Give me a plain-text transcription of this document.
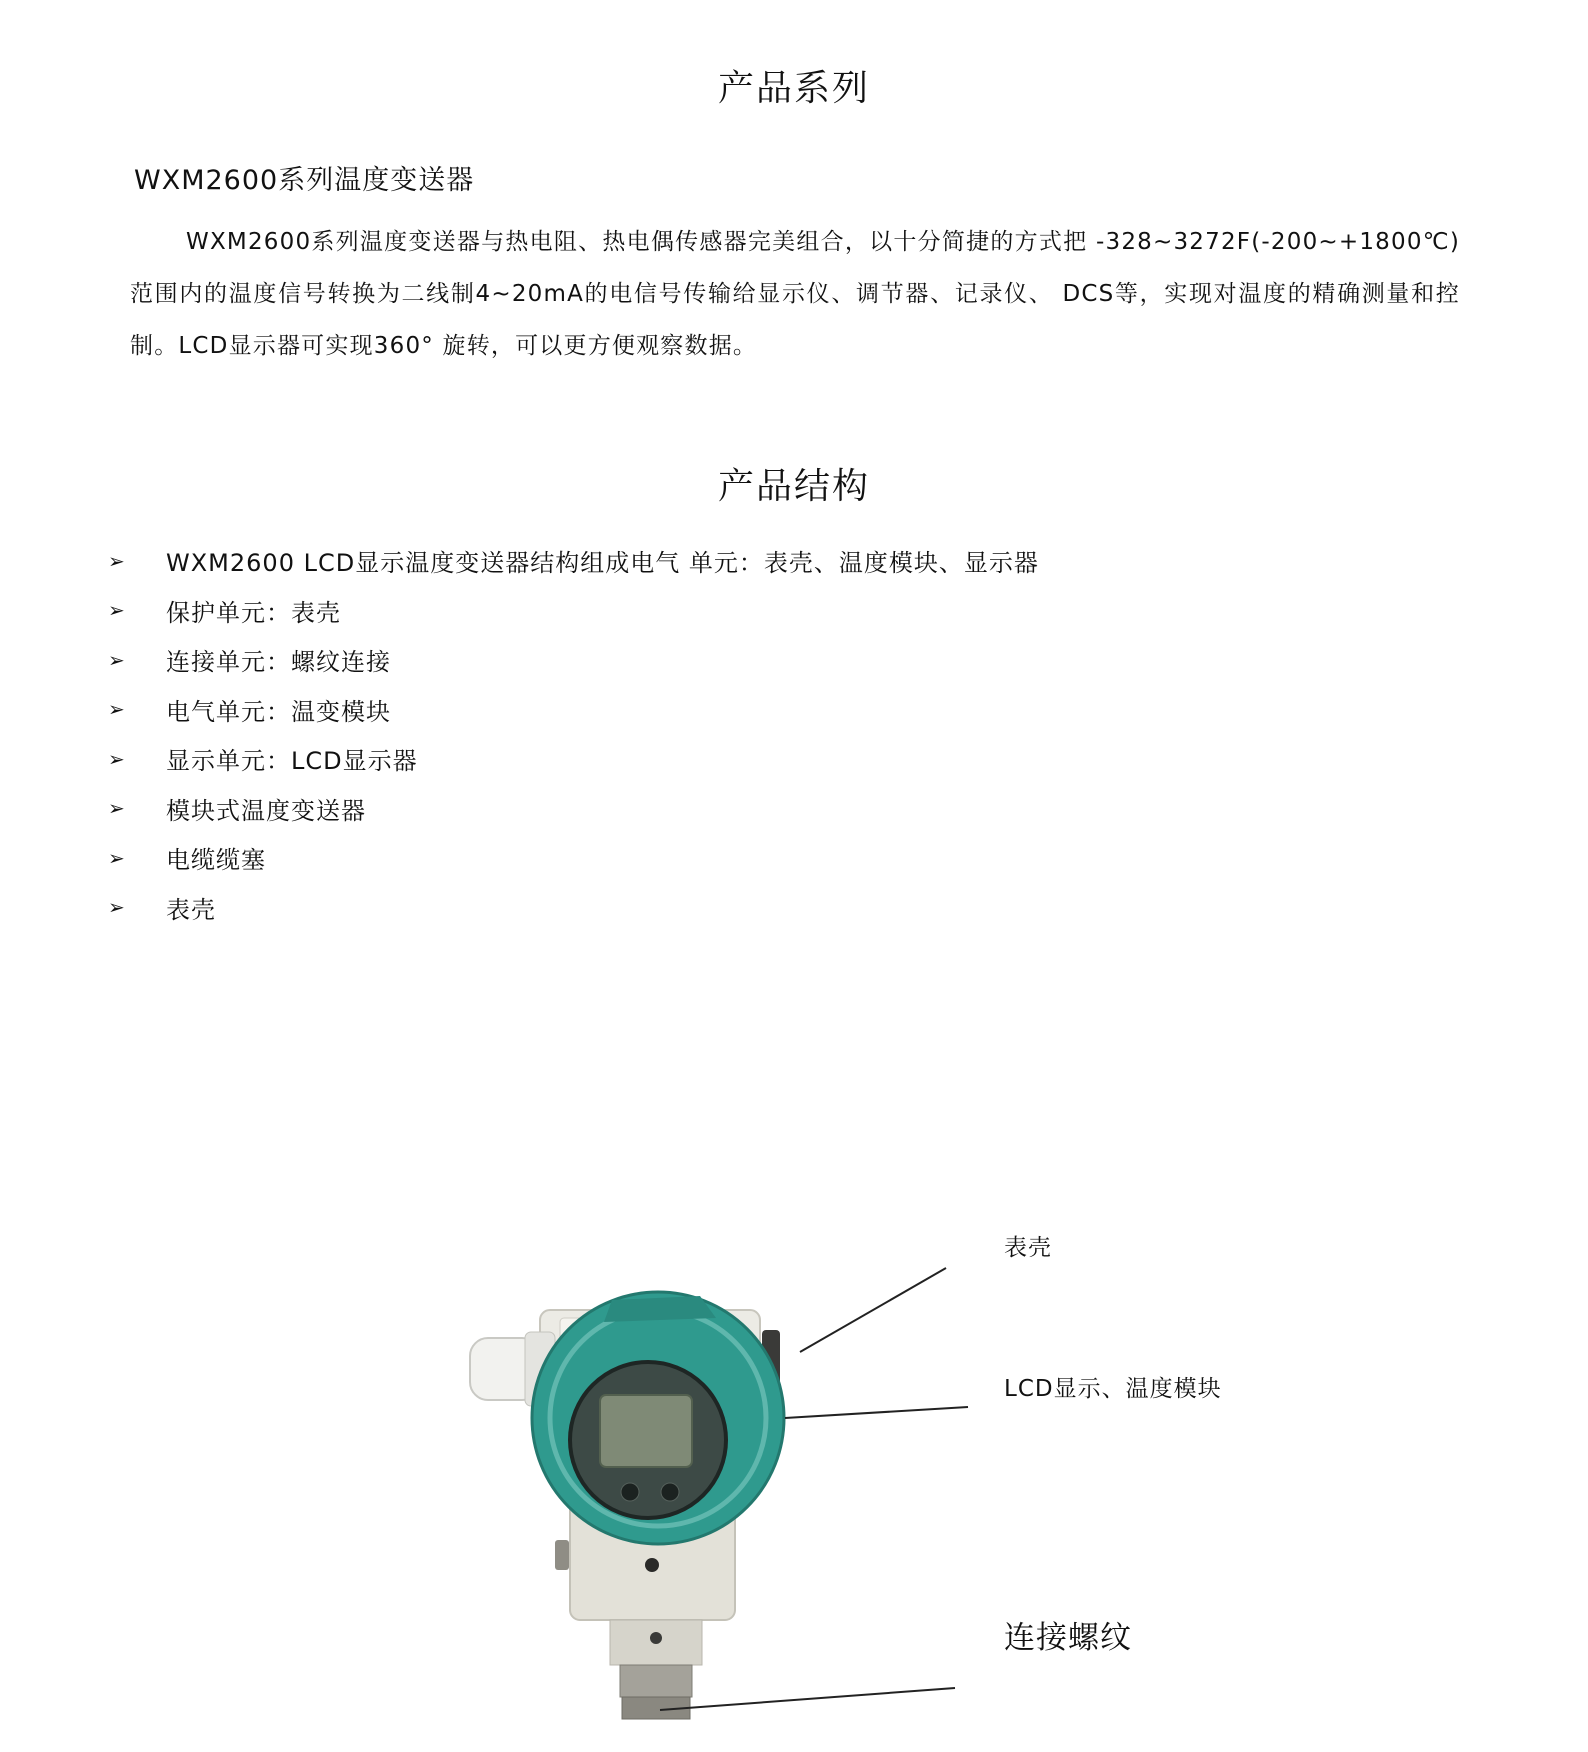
产品系列
WXM2600系列温度变送器
WXM2600系列温度变送器与热电阻、热电偶传感器完美组合，以十分简捷的方式把 -328~3272F(-200~+1800℃)范围内的温度信号转换为二线制4~20mA的电信号传输给显示仪、调节器、记录仪、 DCS等，实现对温度的精确测量和控制。LCD显示器可实现360° 旋转，可以更方便观察数据。
产品结构
➢	WXM2600 LCD显示温度变送器结构组成电气 单元：表壳、温度模块、显示器
➢	保护单元：表壳
➢	连接单元：螺纹连接
➢	电气单元：温变模块
➢	显示单元：LCD显示器
➢	模块式温度变送器
➢	电缆缆塞
➢	表壳
表壳
LCD显示、温度模块
连接螺纹
